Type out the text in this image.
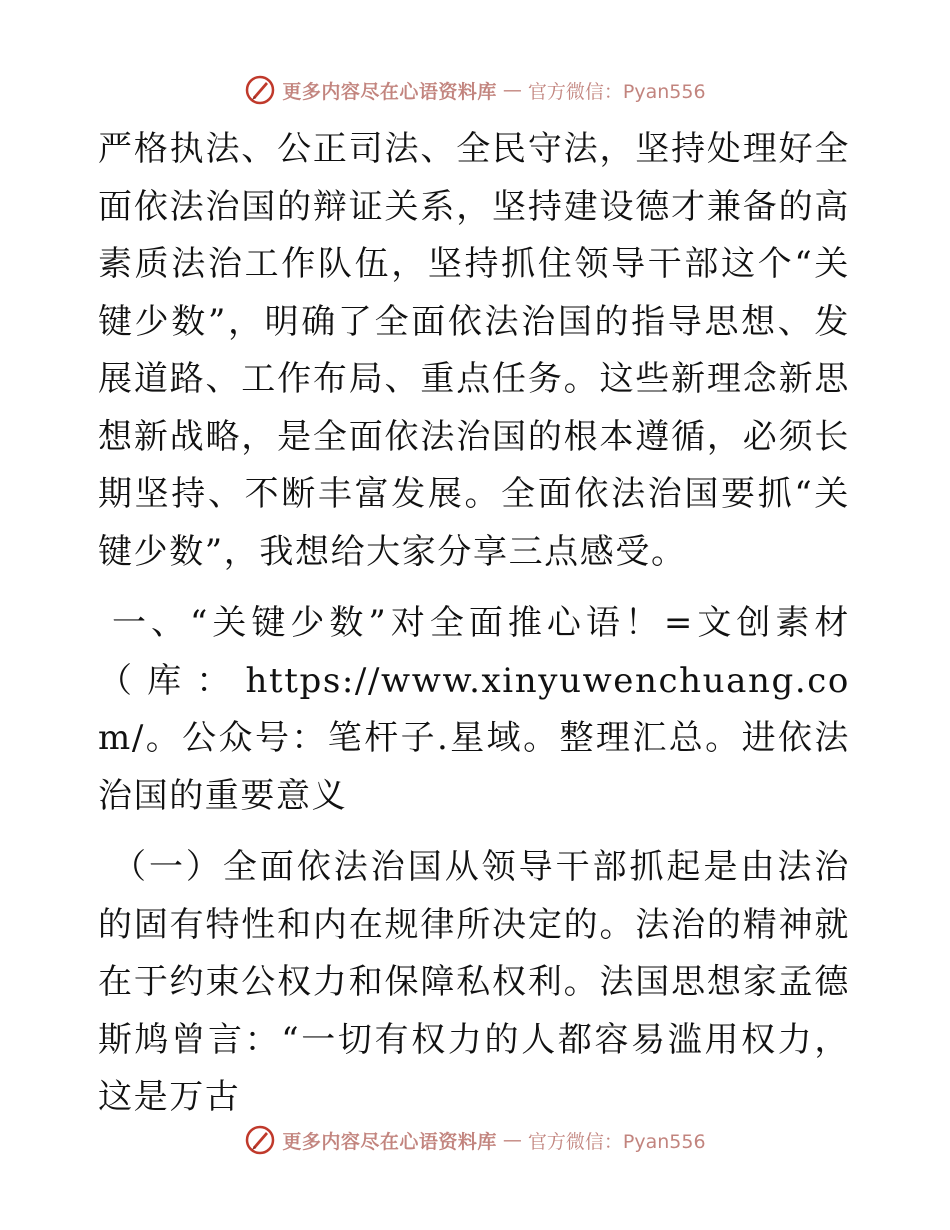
更多内容尽在心语资料库 — 官方微信：Pyan556

严格执法、公正司法、全民守法，坚持处理好全面依法治国的辩证关系，坚持建设德才兼备的高素质法治工作队伍，坚持抓住领导干部这个“关键少数”，明确了全面依法治国的指导思想、发展道路、工作布局、重点任务。这些新理念新思想新战略，是全面依法治国的根本遵循，必须长期坚持、不断丰富发展。全面依法治国要抓“关键少数”，我想给大家分享三点感受。

一、“关键少数”对全面推心语！=文创素材（库：https://www.xinyuwenchuang.com/。公众号：笔杆子.星域。整理汇总。进依法治国的重要意义

（一）全面依法治国从领导干部抓起是由法治的固有特性和内在规律所决定的。法治的精神就在于约束公权力和保障私权利。法国思想家孟德斯鸠曾言：“一切有权力的人都容易滥用权力，这是万古

更多内容尽在心语资料库 — 官方微信：Pyan556
